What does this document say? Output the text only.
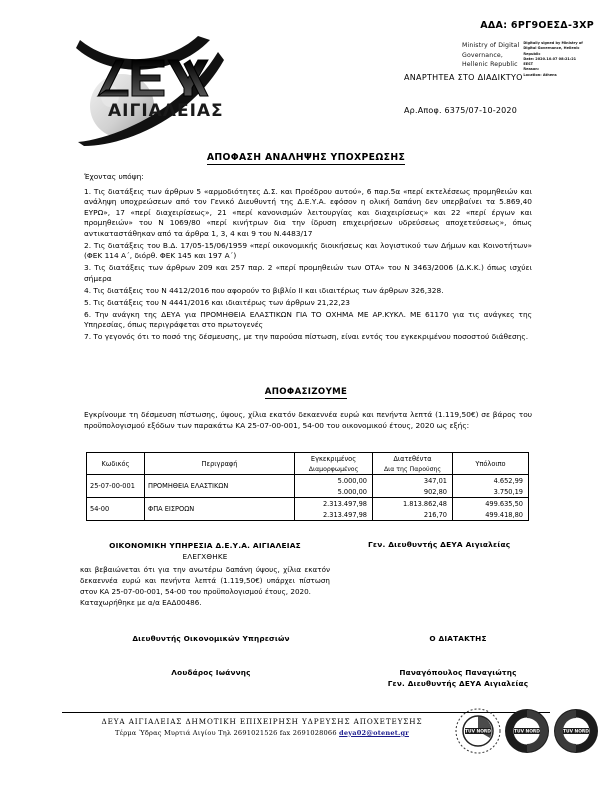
ΑΔΑ: 6ΡΓ9ΟΕΣΔ-3ΧΡ
ΑΙΓΙΑΛΕΙΑΣ
Ministry of Digital
Governance,
Hellenic Republic
Digitally signed by Ministry of
Digital Governance, Hellenic
Republic
Date: 2020.10.07 08:21:21
EEST
Reason:
Location: Athens
ΑΝΑΡΤΗΤΕΑ ΣΤΟ ΔΙΑΔΙΚΤΥΟ
Αρ.Αποφ. 6375/07-10-2020
ΑΠΟΦΑΣΗ ΑΝΑΛΗΨΗΣ ΥΠΟΧΡΕΩΣΗΣ

Έχοντας υπόψη:

1. Τις διατάξεις των άρθρων 5 «αρμοδιότητες Δ.Σ. και Προέδρου αυτού», 6 παρ.5α «περί εκτελέσεως προμηθειών και ανάληψη υποχρεώσεων από τον Γενικό Διευθυντή της Δ.Ε.Υ.Α. εφόσον η ολική δαπάνη δεν υπερβαίνει τα 5.869,40 ΕΥΡΩ», 17 «περί διαχειρίσεως», 21 «περί κανονισμών λειτουργίας και διαχειρίσεως» και 22 «περί έργων και προμηθειών» του Ν 1069/80 «περί κινήτρων δια την ίδρυση επιχειρήσεων υδρεύσεως αποχετεύσεως», όπως αντικαταστάθηκαν από τα άρθρα 1, 3, 4 και 9 του Ν.4483/17

2. Τις διατάξεις του Β.Δ. 17/05-15/06/1959 «περί οικονομικής διοικήσεως και λογιστικού των Δήμων και Κοινοτήτων» (ΦΕΚ 114 Α΄, διόρθ. ΦΕΚ 145 και 197 Α΄)

3. Τις διατάξεις των άρθρων 209 και 257 παρ. 2 «περί προμηθειών των ΟΤΑ» του Ν 3463/2006 (Δ.Κ.Κ.) όπως ισχύει σήμερα

4. Τις διατάξεις του Ν 4412/2016 που αφορούν το βιβλίο ΙΙ και ιδιαιτέρως των άρθρων 326,328.

5. Τις διατάξεις του Ν 4441/2016 και ιδιαιτέρως των άρθρων 21,22,23

6. Την ανάγκη της ΔΕΥΑ για ΠΡΟΜΗΘΕΙΑ ΕΛΑΣΤΙΚΩΝ ΓΙΑ ΤΟ ΟΧΗΜΑ ΜΕ ΑΡ.ΚΥΚΛ. ΜΕ 61170 για τις ανάγκες της Υπηρεσίας, όπως περιγράφεται στο πρωτογενές

7. Το γεγονός ότι το ποσό της δέσμευσης, με την παρούσα πίστωση, είναι εντός του εγκεκριμένου ποσοστού διάθεσης.

ΑΠΟΦΑΣΙΖΟΥΜΕ
Εγκρίνουμε τη δέσμευση πίστωσης, ύψους, χίλια εκατόν δεκαεννέα ευρώ και πενήντα λεπτά (1.119,50€) σε βάρος του προϋπολογισμού εξόδων των παρακάτω ΚΑ 25-07-00-001, 54-00 του οικονομικού έτους, 2020 ως εξής:
Κωδικός	Περιγραφή	Εγκεκριμένος	Διατεθέντα	Υπόλοιπο
		Διαμορφωμένος	Δια της Παρούσης	
25-07-00-001	ΠΡΟΜΗΘΕΙΑ ΕΛΑΣΤΙΚΩΝ	5.000,00	347,01	4.652,99
		5.000,00	902,80	3.750,19
54-00	ΦΠΑ ΕΙΣΡΟΩΝ	2.313.497,98	1.813.862,48	499.635,50
		2.313.497,98	216,70	499.418,80
ΟΙΚΟΝΟΜΙΚΗ ΥΠΗΡΕΣΙΑ Δ.Ε.Υ.Α. ΑΙΓΙΑΛΕΙΑΣ
ΕΛΕΓΧΘΗΚΕ
και βεβαιώνεται ότι για την ανωτέρω δαπάνη ύψους, χίλια εκατόν δεκαεννέα ευρώ και πενήντα λεπτά (1.119,50€) υπάρχει πίστωση στον ΚΑ 25-07-00-001, 54-00 του προϋπολογισμού έτους, 2020.
Καταχωρήθηκε με α/α ΕΑΔ00486.
Γεν. Διευθυντής ΔΕΥΑ Αιγιαλείας
Διευθυντής Οικονομικών Υπηρεσιών	Ο ΔΙΑΤΑΚΤΗΣ
Λουδάρος Ιωάννης	Παναγόπουλος Παναγιώτης
Γεν. Διευθυντής ΔΕΥΑ Αιγιαλείας
ΔΕΥΑ ΑΙΓΙΑΛΕΙΑΣ ΔΗΜΟΤΙΚΗ ΕΠΙΧΕΙΡΗΣΗ ΥΔΡΕΥΣΗΣ ΑΠΟΧΕΤΕΥΣΗΣ
Τέρμα Ύδρας Μυρτιά Αιγίου Τηλ 2691021526 fax 2691028066 deya02@otenet.gr	TUV NORD	TUV NORD	TUV NORD
